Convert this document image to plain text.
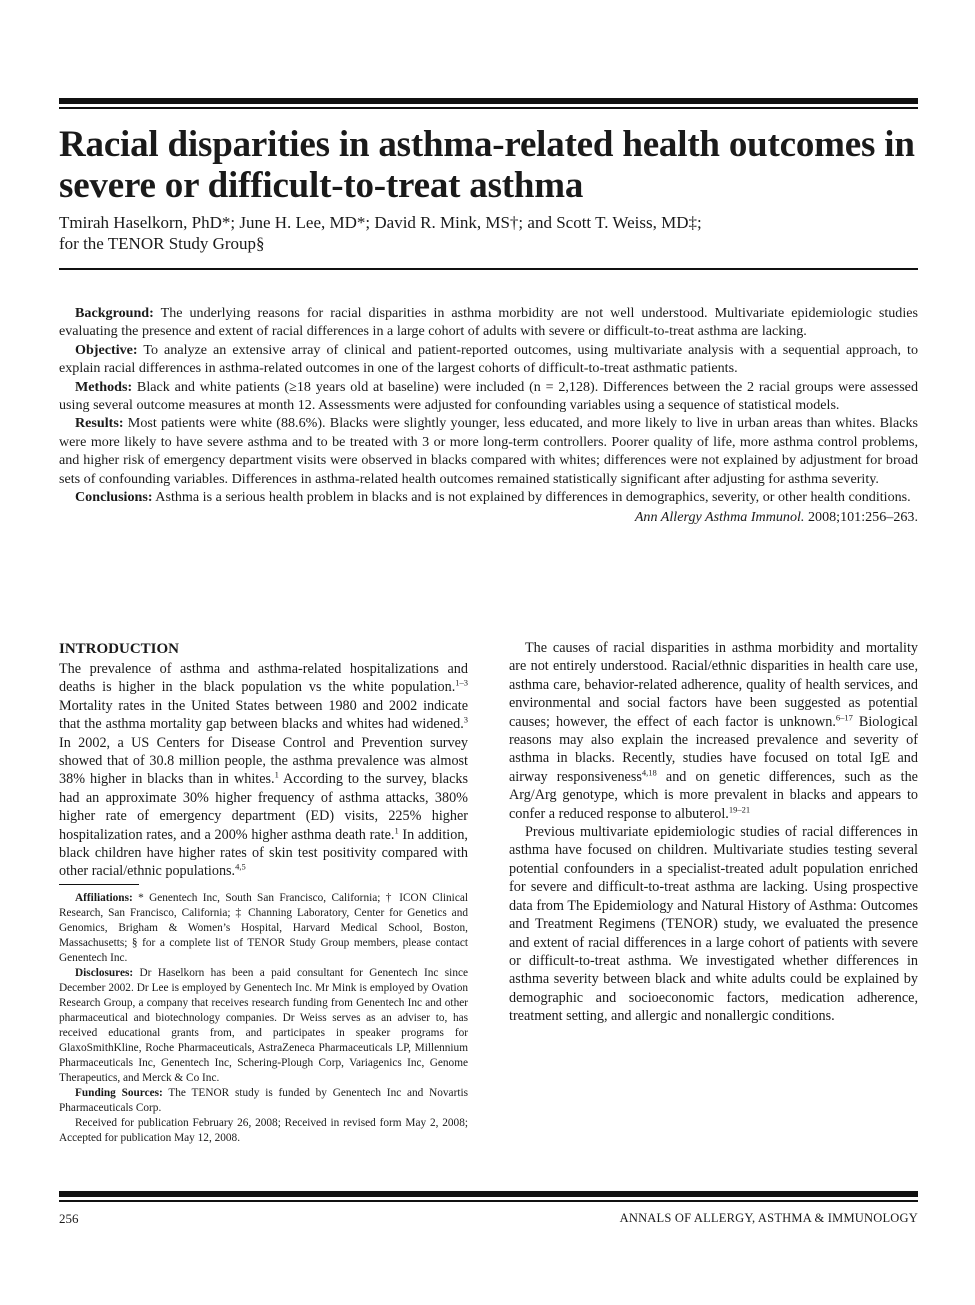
Racial disparities in asthma-related health outcomes in severe or difficult-to-treat asthma
Tmirah Haselkorn, PhD*; June H. Lee, MD*; David R. Mink, MS†; and Scott T. Weiss, MD‡;
for the TENOR Study Group§

Background: The underlying reasons for racial disparities in asthma morbidity are not well understood. Multivariate epidemiologic studies evaluating the presence and extent of racial differences in a large cohort of adults with severe or difficult-to-treat asthma are lacking.

Objective: To analyze an extensive array of clinical and patient-reported outcomes, using multivariate analysis with a sequential approach, to explain racial differences in asthma-related outcomes in one of the largest cohorts of difficult-to-treat asthmatic patients.

Methods: Black and white patients (≥18 years old at baseline) were included (n = 2,128). Differences between the 2 racial groups were assessed using several outcome measures at month 12. Assessments were adjusted for confounding variables using a sequence of statistical models.

Results: Most patients were white (88.6%). Blacks were slightly younger, less educated, and more likely to live in urban areas than whites. Blacks were more likely to have severe asthma and to be treated with 3 or more long-term controllers. Poorer quality of life, more asthma control problems, and higher risk of emergency department visits were observed in blacks compared with whites; differences were not explained by adjustment for broad sets of confounding variables. Differences in asthma-related health outcomes remained statistically significant after adjusting for asthma severity.

Conclusions: Asthma is a serious health problem in blacks and is not explained by differences in demographics, severity, or other health conditions.

Ann Allergy Asthma Immunol. 2008;101:256–263.
INTRODUCTION

The prevalence of asthma and asthma-related hospitalizations and deaths is higher in the black population vs the white population.$^{1-3}$ Mortality rates in the United States between 1980 and 2002 indicate that the asthma mortality gap between blacks and whites had widened.$^3$ In 2002, a US Centers for Disease Control and Prevention survey showed that of 30.8 million people, the asthma prevalence was almost 38% higher in blacks than in whites.$^1$ According to the survey, blacks had an approximate 30% higher frequency of asthma attacks, 380% higher rate of emergency department (ED) visits, 225% higher hospitalization rates, and a 200% higher asthma death rate.$^1$ In addition, black children have higher rates of skin test positivity compared with other racial/ethnic populations.$^{4,5}$

Affiliations: * Genentech Inc, South San Francisco, California; † ICON Clinical Research, San Francisco, California; ‡ Channing Laboratory, Center for Genetics and Genomics, Brigham & Women’s Hospital, Harvard Medical School, Boston, Massachusetts; § for a complete list of TENOR Study Group members, please contact Genentech Inc.

Disclosures: Dr Haselkorn has been a paid consultant for Genentech Inc since December 2002. Dr Lee is employed by Genentech Inc. Mr Mink is employed by Ovation Research Group, a company that receives research funding from Genentech Inc and other pharmaceutical and biotechnology companies. Dr Weiss serves as an adviser to, has received educational grants from, and participates in speaker programs for GlaxoSmithKline, Roche Pharmaceuticals, AstraZeneca Pharmaceuticals LP, Millennium Pharmaceuticals Inc, Genentech Inc, Schering-Plough Corp, Variagenics Inc, Genome Therapeutics, and Merck & Co Inc.

Funding Sources: The TENOR study is funded by Genentech Inc and Novartis Pharmaceuticals Corp.

Received for publication February 26, 2008; Received in revised form May 2, 2008; Accepted for publication May 12, 2008.

The causes of racial disparities in asthma morbidity and mortality are not entirely understood. Racial/ethnic disparities in health care use, asthma care, behavior-related adherence, quality of health services, and environmental and social factors have been suggested as potential causes; however, the effect of each factor is unknown.$^{6-17}$ Biological reasons may also explain the increased prevalence and severity of asthma in blacks. Recently, studies have focused on total IgE and airway responsiveness$^{4,18}$ and on genetic differences, such as the Arg/Arg genotype, which is more prevalent in blacks and appears to confer a reduced response to albuterol.$^{19-21}$

Previous multivariate epidemiologic studies of racial differences in asthma have focused on children. Multivariate studies testing several potential confounders in a specialist-treated adult population enriched for severe and difficult-to-treat asthma are lacking. Using prospective data from The Epidemiology and Natural History of Asthma: Outcomes and Treatment Regimens (TENOR) study, we evaluated the presence and extent of racial differences in a large cohort of patients with severe or difficult-to-treat asthma. We investigated whether differences in asthma severity between black and white adults could be explained by demographic and socioeconomic factors, medication adherence, treatment setting, and allergic and nonallergic conditions.

256	ANNALS OF ALLERGY, ASTHMA & IMMUNOLOGY
